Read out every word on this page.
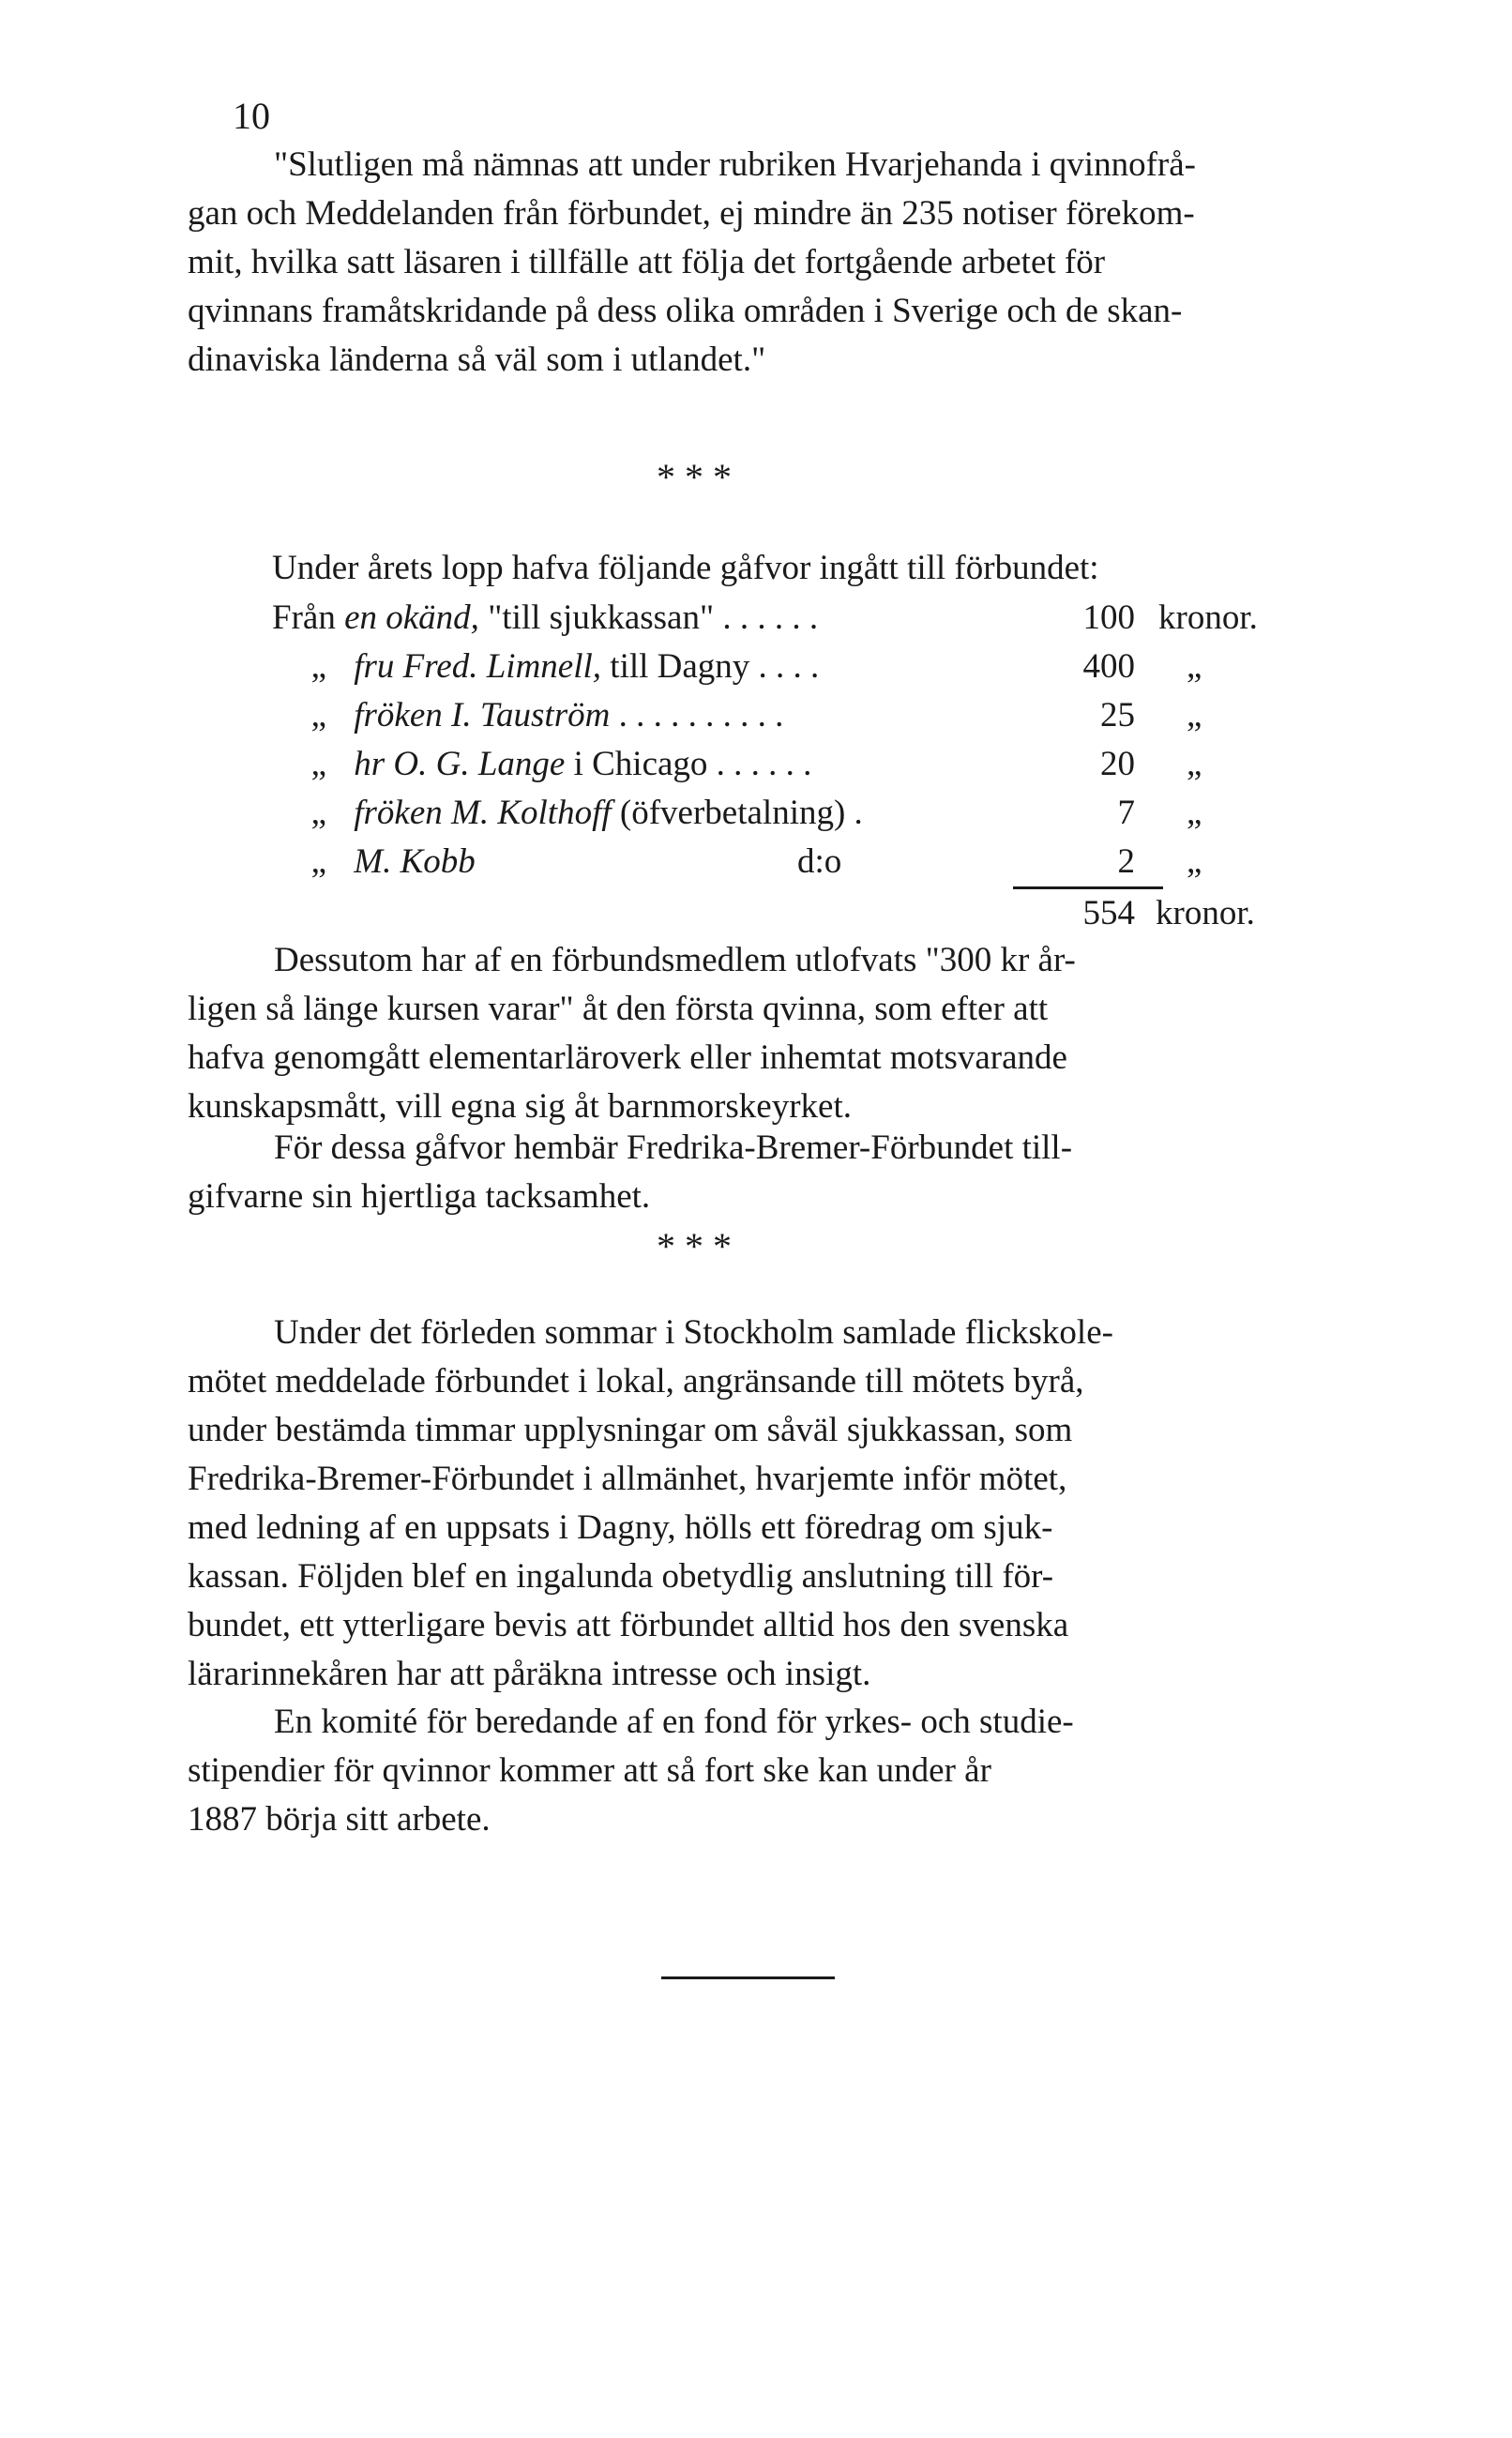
10
"Slutligen må nämnas att under rubriken Hvarjehanda i qvinnofrå-
gan och Meddelanden från förbundet, ej mindre än 235 notiser förekom-
mit, hvilka satt läsaren i tillfälle att följa det fortgående arbetet för
qvinnans framåtskridande på dess olika områden i Sverige och de skan-
dinaviska länderna så väl som i utlandet."
* * *
Under årets lopp hafva följande gåfvor ingått till förbundet:
Från en okänd, "till sjukkassan" . . . . . .	100 kronor.
„ fru Fred. Limnell, till Dagny . . . .	400 „
„ fröken I. Tauström . . . . . . . . . .	25 „
„ hr O. G. Lange i Chicago . . . . . .	20 „
„ fröken M. Kolthoff (öfverbetalning) .	7 „
„ M. Kobb	d:o	2 „
554 kronor.
Dessutom har af en förbundsmedlem utlofvats "300 kr år-
ligen så länge kursen varar" åt den första qvinna, som efter att
hafva genomgått elementarläroverk eller inhemtat motsvarande
kunskapsmått, vill egna sig åt barnmorskeyrket.
För dessa gåfvor hembär Fredrika-Bremer-Förbundet till-
gifvarne sin hjertliga tacksamhet.
* * *
Under det förleden sommar i Stockholm samlade flickskole-
mötet meddelade förbundet i lokal, angränsande till mötets byrå,
under bestämda timmar upplysningar om såväl sjukkassan, som
Fredrika-Bremer-Förbundet i allmänhet, hvarjemte inför mötet,
med ledning af en uppsats i Dagny, hölls ett föredrag om sjuk-
kassan. Följden blef en ingalunda obetydlig anslutning till för-
bundet, ett ytterligare bevis att förbundet alltid hos den svenska
lärarinnekåren har att påräkna intresse och insigt.
En komité för beredande af en fond för yrkes- och studie-
stipendier för qvinnor kommer att så fort ske kan under år
1887 börja sitt arbete.
